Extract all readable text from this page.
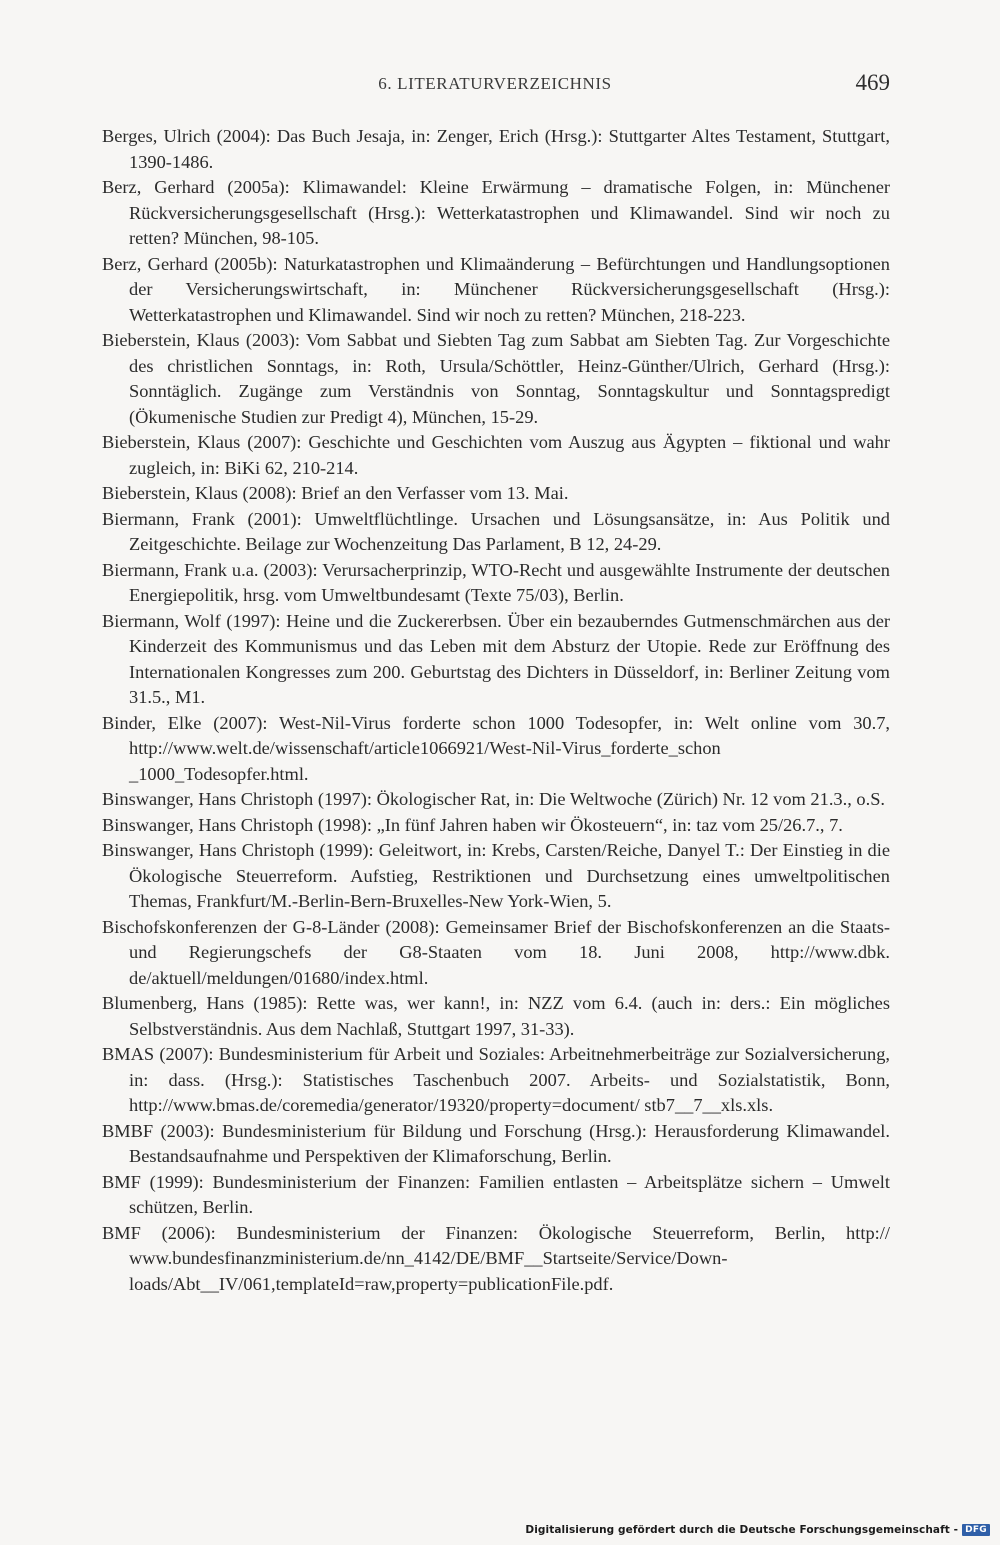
6. LITERATURVERZEICHNIS	469

Berges, Ulrich (2004): Das Buch Jesaja, in: Zenger, Erich (Hrsg.): Stuttgarter Altes Testament, Stuttgart, 1390-1486.

Berz, Gerhard (2005a): Klimawandel: Kleine Erwärmung – dramatische Folgen, in: Münchener Rückversicherungsgesellschaft (Hrsg.): Wetterkatastrophen und Klimawandel. Sind wir noch zu retten? München, 98-105.

Berz, Gerhard (2005b): Naturkatastrophen und Klimaänderung – Befürchtungen und Handlungsoptionen der Versicherungswirtschaft, in: Münchener Rückversicherungsgesellschaft (Hrsg.): Wetterkatastrophen und Klimawandel. Sind wir noch zu retten? München, 218-223.

Bieberstein, Klaus (2003): Vom Sabbat und Siebten Tag zum Sabbat am Siebten Tag. Zur Vorgeschichte des christlichen Sonntags, in: Roth, Ursula/Schöttler, Heinz-Günther/Ulrich, Gerhard (Hrsg.): Sonntäglich. Zugänge zum Verständnis von Sonntag, Sonntagskultur und Sonntagspredigt (Ökumenische Studien zur Predigt 4), München, 15-29.

Bieberstein, Klaus (2007): Geschichte und Geschichten vom Auszug aus Ägypten – fiktional und wahr zugleich, in: BiKi 62, 210-214.

Bieberstein, Klaus (2008): Brief an den Verfasser vom 13. Mai.

Biermann, Frank (2001): Umweltflüchtlinge. Ursachen und Lösungsansätze, in: Aus Politik und Zeitgeschichte. Beilage zur Wochenzeitung Das Parlament, B 12, 24-29.

Biermann, Frank u.a. (2003): Verursacherprinzip, WTO-Recht und ausgewählte Instrumente der deutschen Energiepolitik, hrsg. vom Umweltbundesamt (Texte 75/03), Berlin.

Biermann, Wolf (1997): Heine und die Zuckererbsen. Über ein bezauberndes Gutmenschmärchen aus der Kinderzeit des Kommunismus und das Leben mit dem Absturz der Utopie. Rede zur Eröffnung des Internationalen Kongresses zum 200. Geburtstag des Dichters in Düsseldorf, in: Berliner Zeitung vom 31.5., M1.

Binder, Elke (2007): West-Nil-Virus forderte schon 1000 Todesopfer, in: Welt online vom 30.7, http://www.welt.de/wissenschaft/article1066921/West-Nil-Virus_forderte_schon _1000_Todesopfer.html.

Binswanger, Hans Christoph (1997): Ökologischer Rat, in: Die Weltwoche (Zürich) Nr. 12 vom 21.3., o.S.

Binswanger, Hans Christoph (1998): „In fünf Jahren haben wir Ökosteuern“, in: taz vom 25/26.7., 7.

Binswanger, Hans Christoph (1999): Geleitwort, in: Krebs, Carsten/Reiche, Danyel T.: Der Einstieg in die Ökologische Steuerreform. Aufstieg, Restriktionen und Durchsetzung eines umweltpolitischen Themas, Frankfurt/M.-Berlin-Bern-Bruxelles-New York-Wien, 5.

Bischofskonferenzen der G-8-Länder (2008): Gemeinsamer Brief der Bischofskonferenzen an die Staats- und Regierungschefs der G8-Staaten vom 18. Juni 2008, http://www.dbk. de/aktuell/meldungen/01680/index.html.

Blumenberg, Hans (1985): Rette was, wer kann!, in: NZZ vom 6.4. (auch in: ders.: Ein mögliches Selbstverständnis. Aus dem Nachlaß, Stuttgart 1997, 31-33).

BMAS (2007): Bundesministerium für Arbeit und Soziales: Arbeitnehmerbeiträge zur Sozialversicherung, in: dass. (Hrsg.): Statistisches Taschenbuch 2007. Arbeits- und Sozialstatistik, Bonn, http://www.bmas.de/coremedia/generator/19320/property=document/ stb7__7__xls.xls.

BMBF (2003): Bundesministerium für Bildung und Forschung (Hrsg.): Herausforderung Klimawandel. Bestandsaufnahme und Perspektiven der Klimaforschung, Berlin.

BMF (1999): Bundesministerium der Finanzen: Familien entlasten – Arbeitsplätze sichern – Umwelt schützen, Berlin.

BMF (2006): Bundesministerium der Finanzen: Ökologische Steuerreform, Berlin, http:// www.bundesfinanzministerium.de/nn_4142/DE/BMF__Startseite/Service/Downloads/Abt__IV/061,templateId=raw,property=publicationFile.pdf.

Digitalisierung gefördert durch die Deutsche Forschungsgemeinschaft - DFG
